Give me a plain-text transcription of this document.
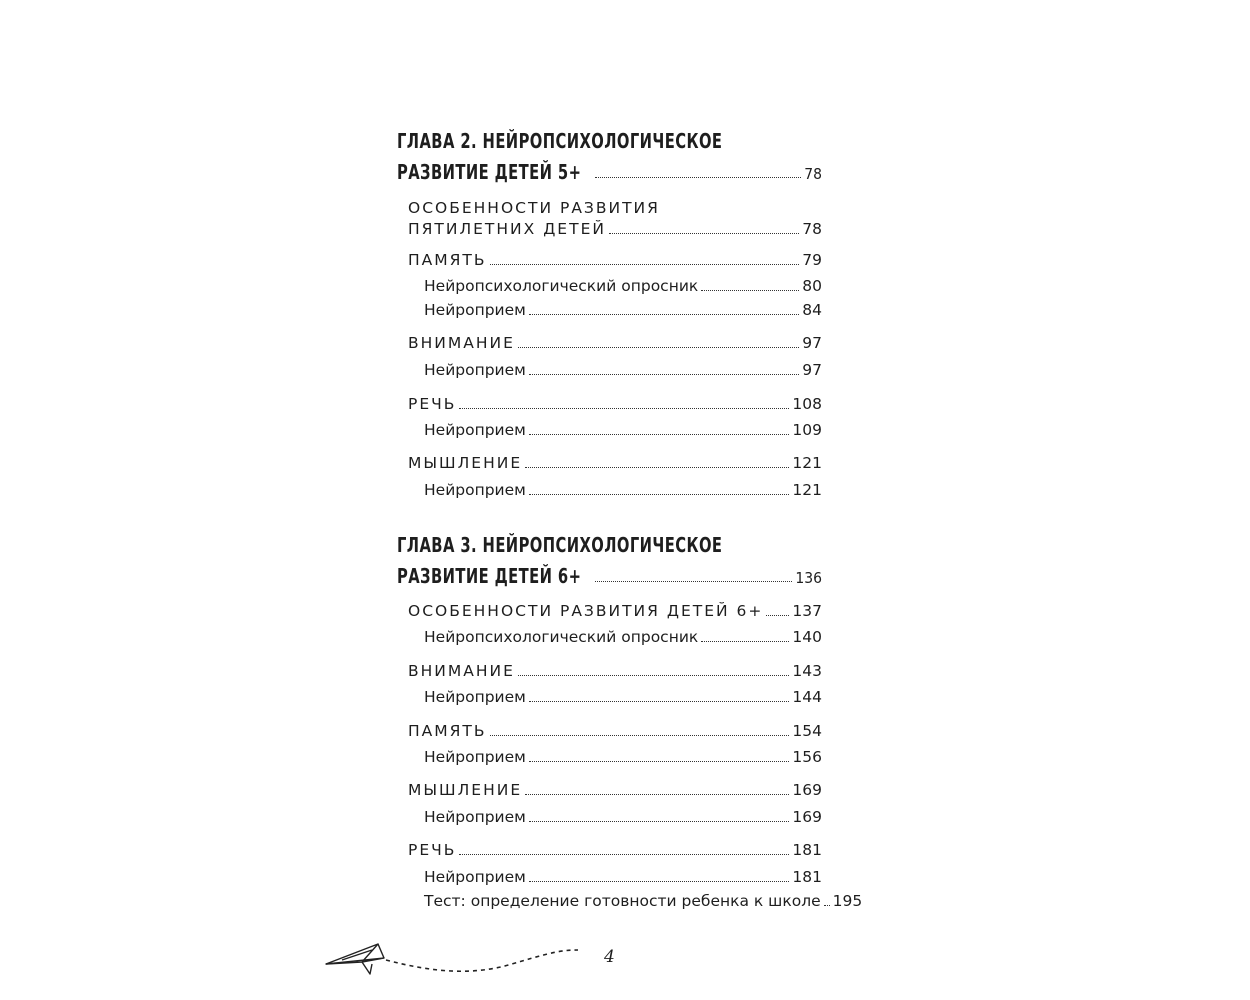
ГЛАВА 2. НЕЙРОПСИХОЛОГИЧЕСКОЕ
РАЗВИТИЕ ДЕТЕЙ 5+	78
ОСОБЕННОСТИ РАЗВИТИЯ
ПЯТИЛЕТНИХ ДЕТЕЙ	78
ПАМЯТЬ	79
Нейропсихологический опросник	80
Нейроприем	84
ВНИМАНИЕ	97
Нейроприем	97
РЕЧЬ	108
Нейроприем	109
МЫШЛЕНИЕ	121
Нейроприем	121
ГЛАВА 3. НЕЙРОПСИХОЛОГИЧЕСКОЕ
РАЗВИТИЕ ДЕТЕЙ 6+	136
ОСОБЕННОСТИ РАЗВИТИЯ ДЕТЕЙ 6+ 137
Нейропсихологический опросник	140
ВНИМАНИЕ	143
Нейроприем	144
ПАМЯТЬ	154
Нейроприем	156
МЫШЛЕНИЕ	169
Нейроприем	169
РЕЧЬ	181
Нейроприем	181
Тест: определение готовности ребенка к школе 195
4
